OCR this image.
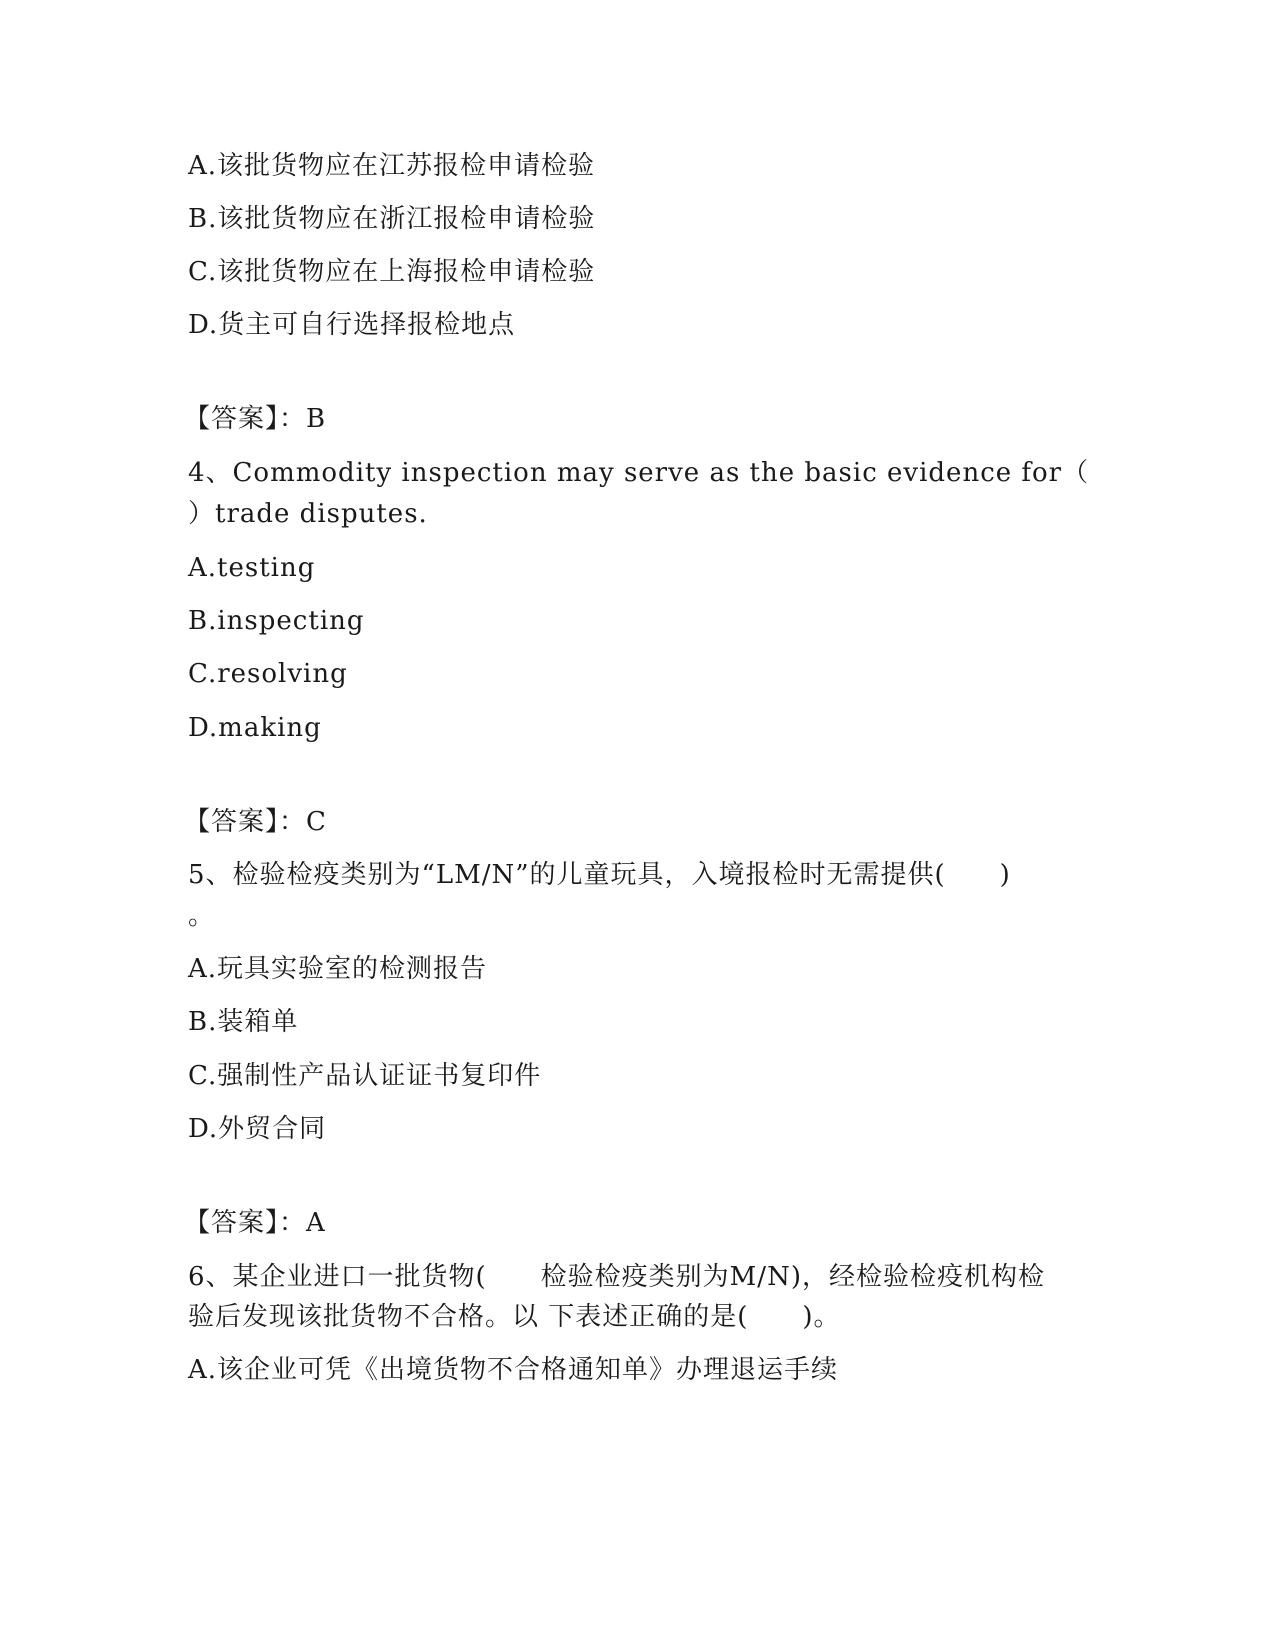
A.该批货物应在江苏报检申请检验
B.该批货物应在浙江报检申请检验
C.该批货物应在上海报检申请检验
D.货主可自行选择报检地点
【答案】：B
4、Commodity inspection may serve as the basic evidence for（
）trade disputes.
A.testing
B.inspecting
C.resolving
D.making
【答案】：C
5、检验检疫类别为“LM/N”的儿童玩具，入境报检时无需提供(　　)
。
A.玩具实验室的检测报告
B.装箱单
C.强制性产品认证证书复印件
D.外贸合同
【答案】：A
6、某企业进口一批货物(　　检验检疫类别为M/N)，经检验检疫机构检
验后发现该批货物不合格。以 下表述正确的是(　　)。
A.该企业可凭《出境货物不合格通知单》办理退运手续
